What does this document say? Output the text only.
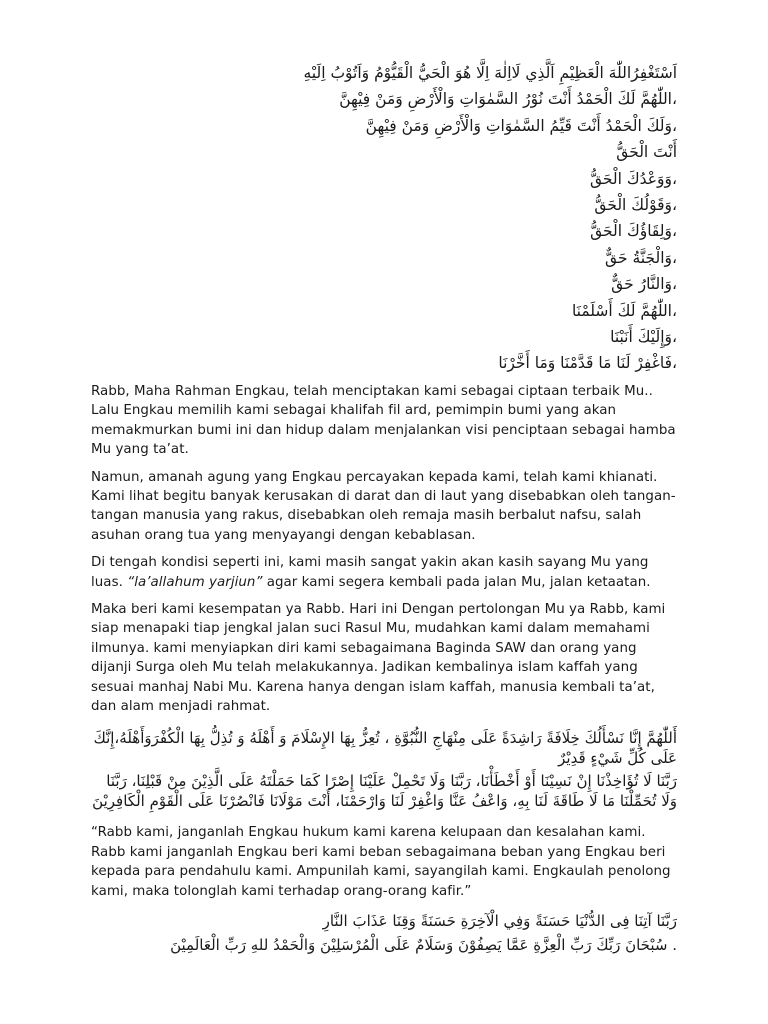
اَسْتَغْفِرُاللّٰهَ الْعَظِيْمِ اَلَّذِي لَااِلٰهَ اِلَّا هُوَ الْحَيُّ الْقَيُّوْمُ وَاَتُوْبُ اِلَيْهِ
،اللّٰهُمَّ لَكَ الْحَمْدُ أَنْتَ نُوْرُ السَّمٰوَاتِ وَالْأَرْضِ وَمَنْ فِيْهِنَّ
،وَلَكَ الْحَمْدُ أَنْتَ قَيِّمُ السَّمٰوَاتِ وَالْأَرْضِ وَمَنْ فِيْهِنَّ
أَنْتَ الْحَقُّ
،وَوَعْدُكَ الْحَقُّ
،وَقَوْلُكَ الْحَقُّ
،وَلِقَاؤُكَ الْحَقُّ
،وَالْجَنَّةُ حَقٌّ
،وَالنَّارُ حَقٌّ
،اللّٰهُمَّ لَكَ أَسْلَمْنَا
،وَإِلَيْكَ أَنَبْنَا
،فَاغْفِرْ لَنَا مَا قَدَّمْنَا وَمَا أَخَّرْنَا

Rabb, Maha Rahman Engkau, telah menciptakan kami sebagai ciptaan terbaik Mu.. Lalu Engkau memilih kami sebagai khalifah fil ard, pemimpin bumi yang akan memakmurkan bumi ini dan hidup dalam menjalankan visi penciptaan sebagai hamba Mu yang ta’at.

Namun, amanah agung yang Engkau percayakan kepada kami, telah kami khianati. Kami lihat begitu banyak kerusakan di darat dan di laut yang disebabkan oleh tangan-tangan manusia yang rakus, disebabkan oleh remaja masih berbalut nafsu, salah asuhan orang tua yang menyayangi dengan kebablasan.

Di tengah kondisi seperti ini, kami masih sangat yakin akan kasih sayang Mu yang luas. “la’allahum yarjiun” agar kami segera kembali pada jalan Mu, jalan ketaatan.

Maka beri kami kesempatan ya Rabb. Hari ini Dengan pertolongan Mu ya Rabb, kami siap menapaki tiap jengkal jalan suci Rasul Mu, mudahkan kami dalam memahami ilmunya. kami menyiapkan diri kami sebagaimana Baginda SAW dan orang yang dijanji Surga oleh Mu telah melakukannya. Jadikan kembalinya islam kaffah yang sesuai manhaj Nabi Mu. Karena hanya dengan islam kaffah, manusia kembali ta’at, dan alam menjadi rahmat.

أَللّٰهُمَّ إِنَّا نَسْأَلُكَ خِلَافَةً رَاشِدَةً عَلَى مِنْهَاجِ النُّبُوَّةِ ، تُعِزُّ بِهَا الإِسْلَامَ وَ أَهْلَهُ وَ تُذِلُّ بِهَا الْكُفْرَوَأَهْلَهُ،إِنَّكَ عَلَى كُلِّ شَيْءٍ قَدِيْرٌ

رَبَّنَا لَا تُؤَاخِذْنَا إِنْ نَسِيْنَا أَوْ أَخْطَأْنَا، رَبَّنَا وَلَا تَحْمِلْ عَلَيْنَا إِصْرًا كَمَا حَمَلْتَهُ عَلَى الَّذِيْنَ مِنْ قَبْلِنَا، رَبَّنَا وَلَا تُحَمِّلْنَا مَا لَا طَاقَةَ لَنَا بِهِ، وَاعْفُ عَنَّا وَاغْفِرْ لَنَا وَارْحَمْنَا، أَنْتَ مَوْلَانَا فَانْصُرْنَا عَلَى الْقَوْمِ الْكَافِرِيْنَ

“Rabb kami, janganlah Engkau hukum kami karena kelupaan dan kesalahan kami. Rabb kami janganlah Engkau beri kami beban sebagaimana beban yang Engkau beri kepada para pendahulu kami. Ampunilah kami, sayangilah kami. Engkaulah penolong kami, maka tolonglah kami terhadap orang-orang kafir.”

رَبَّنَا آتِنَا فِى الدُّنْيَا حَسَنَةً وَفِي الْآخِرَةِ حَسَنَةً وَقِنَا عَذَابَ النَّارِ

. سُبْحَانَ رَبِّكَ رَبِّ الْعِزَّةِ عَمَّا يَصِفُوْنَ وَسَلَامٌ عَلَى الْمُرْسَلِيْنَ وَالْحَمْدُ للهِ رَبِّ الْعَالَمِيْنَ
